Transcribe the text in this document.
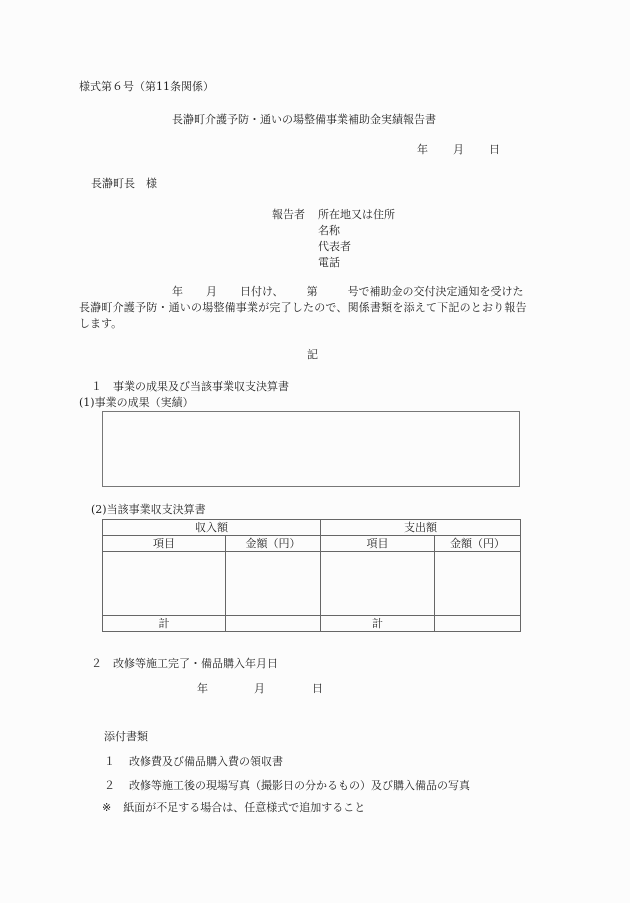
様式第６号（第11条関係）
長瀞町介護予防・通いの場整備事業補助金実績報告書
年 月 日
長瀞町長　様
報告者 所在地又は住所
名称
代表者
電話
年 月 日付け、 第	号で補助金の交付決定通知を受けた
長瀞町介護予防・通いの場整備事業が完了したので、関係書類を添えて下記のとおり報告
します。
記
１　事業の成果及び当該事業収支決算書
(1)事業の成果（実績）
(2)当該事業収支決算書
収入額		支出額	
項目	金額（円）	項目	金額（円）

計		計	
２　改修等施工完了・備品購入年月日
年	月	日
添付書類
１ 改修費及び備品購入費の領収書
２ 改修等施工後の現場写真（撮影日の分かるもの）及び購入備品の写真
※ 紙面が不足する場合は、任意様式で追加すること
